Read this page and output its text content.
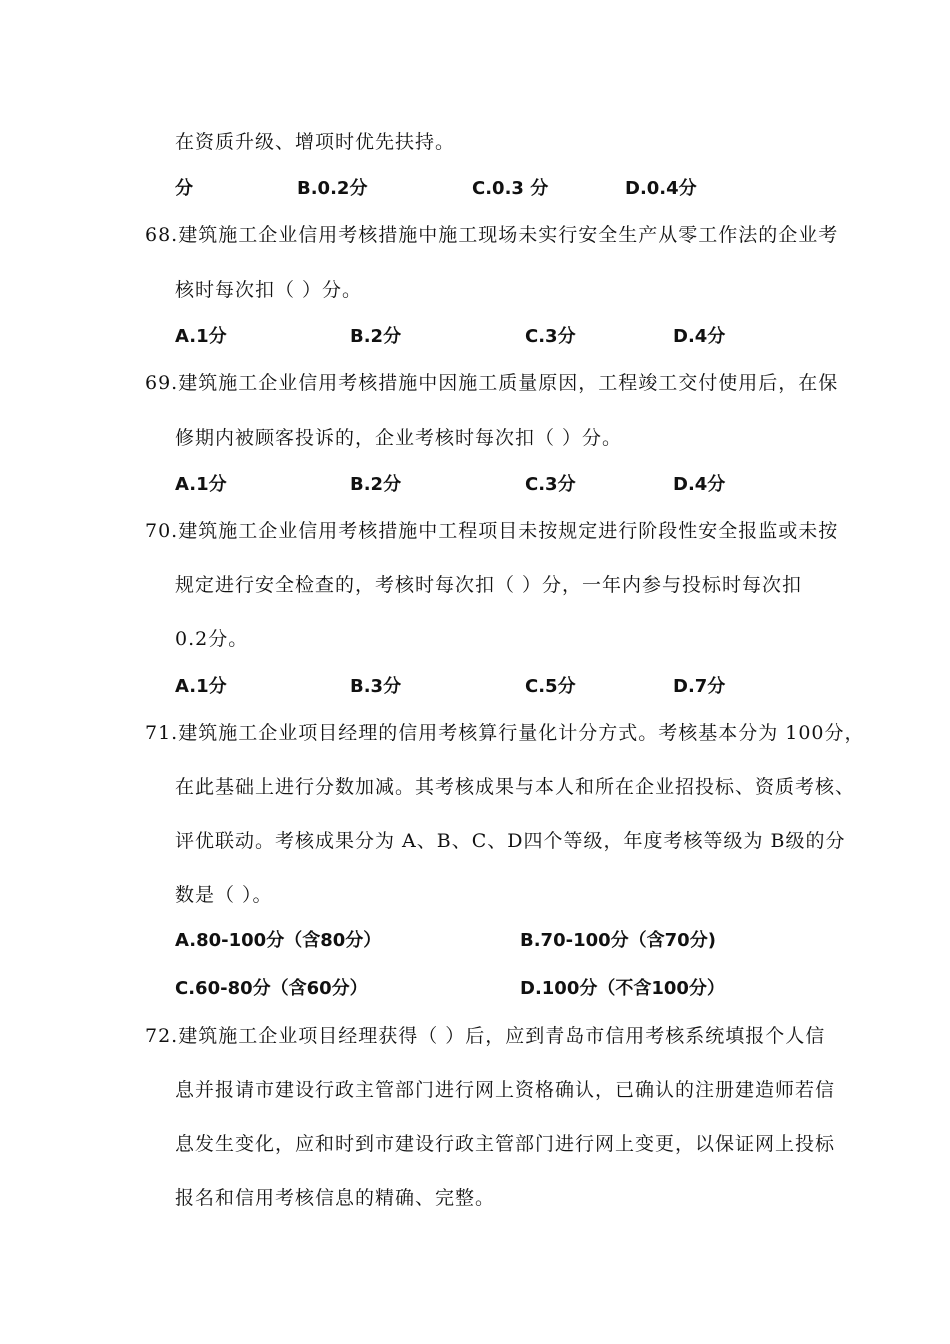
在资质升级、增项时优先扶持。
分	B.0.2分	C.0.3 分	D.0.4分
68.建筑施工企业信用考核措施中施工现场未实行安全生产从零工作法的企业考
核时每次扣（ ）分。
A.1分	B.2分	C.3分	D.4分
69.建筑施工企业信用考核措施中因施工质量原因，工程竣工交付使用后，在保
修期内被顾客投诉的，企业考核时每次扣（ ）分。
A.1分	B.2分	C.3分	D.4分
70.建筑施工企业信用考核措施中工程项目未按规定进行阶段性安全报监或未按
规定进行安全检查的，考核时每次扣（ ）分，一年内参与投标时每次扣
0.2分。
A.1分	B.3分	C.5分	D.7分
71.建筑施工企业项目经理的信用考核算行量化计分方式。考核基本分为 100分，
在此基础上进行分数加减。其考核成果与本人和所在企业招投标、资质考核、
评优联动。考核成果分为 A、B、C、D四个等级，年度考核等级为 B级的分
数是（ ）。
A.80-100分（含80分）	B.70-100分（含70分)
C.60-80分（含60分）	D.100分（不含100分）
72.建筑施工企业项目经理获得（ ）后，应到青岛市信用考核系统填报个人信
息并报请市建设行政主管部门进行网上资格确认，已确认的注册建造师若信
息发生变化，应和时到市建设行政主管部门进行网上变更，以保证网上投标
报名和信用考核信息的精确、完整。
